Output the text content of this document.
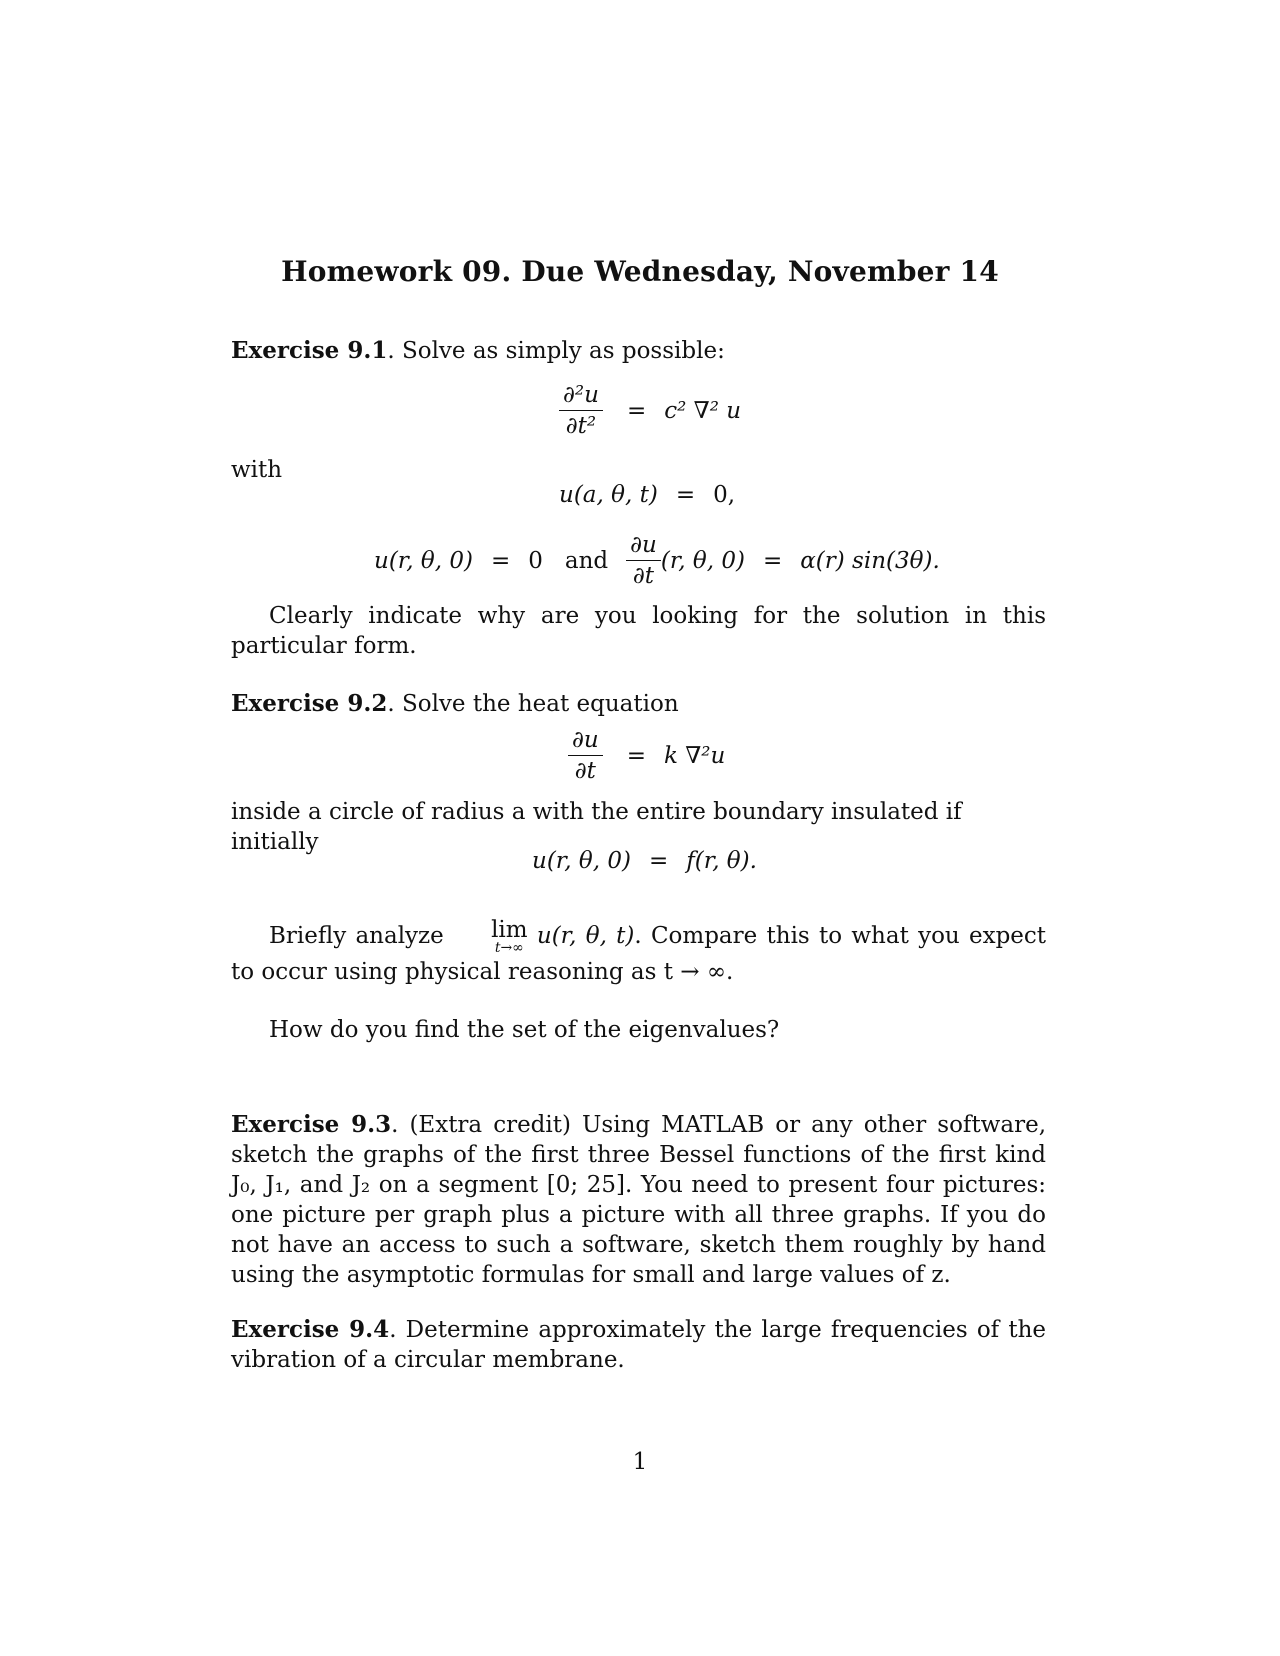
Homework 09. Due Wednesday, November 14
Exercise 9.1. Solve as simply as possible:
$\frac{\text{∂²u}}{\text{∂t²}} = c^2$ ∇² u
with
u(a, θ, t) = 0,
u(r, θ, 0) = 0 and $\frac{\partial u}{\partial t} (r$, θ, 0) = α(r) sin(3θ).
Clearly indicate why are you looking for the solution in this particular form.
Exercise 9.2. Solve the heat equation
$\frac{\partial u}{\partial t} = k$ ∇²u
inside a circle of radius a with the entire boundary insulated if initially
u(r, θ, 0) = f(r, θ).
Briefly analyze	lim
t→∞ u(r, θ, t). Compare this to what you expect to occur using physical reasoning as t → ∞.
How do you find the set of the eigenvalues?
Exercise 9.3. (Extra credit) Using MATLAB or any other software, sketch the graphs of the first three Bessel functions of the first kind J₀, J₁, and J₂ on a segment [0; 25]. You need to present four pictures: one picture per graph plus a picture with all three graphs. If you do not have an access to such a software, sketch them roughly by hand using the asymptotic formulas for small and large values of z.
Exercise 9.4. Determine approximately the large frequencies of the vibration of a circular membrane.
1
